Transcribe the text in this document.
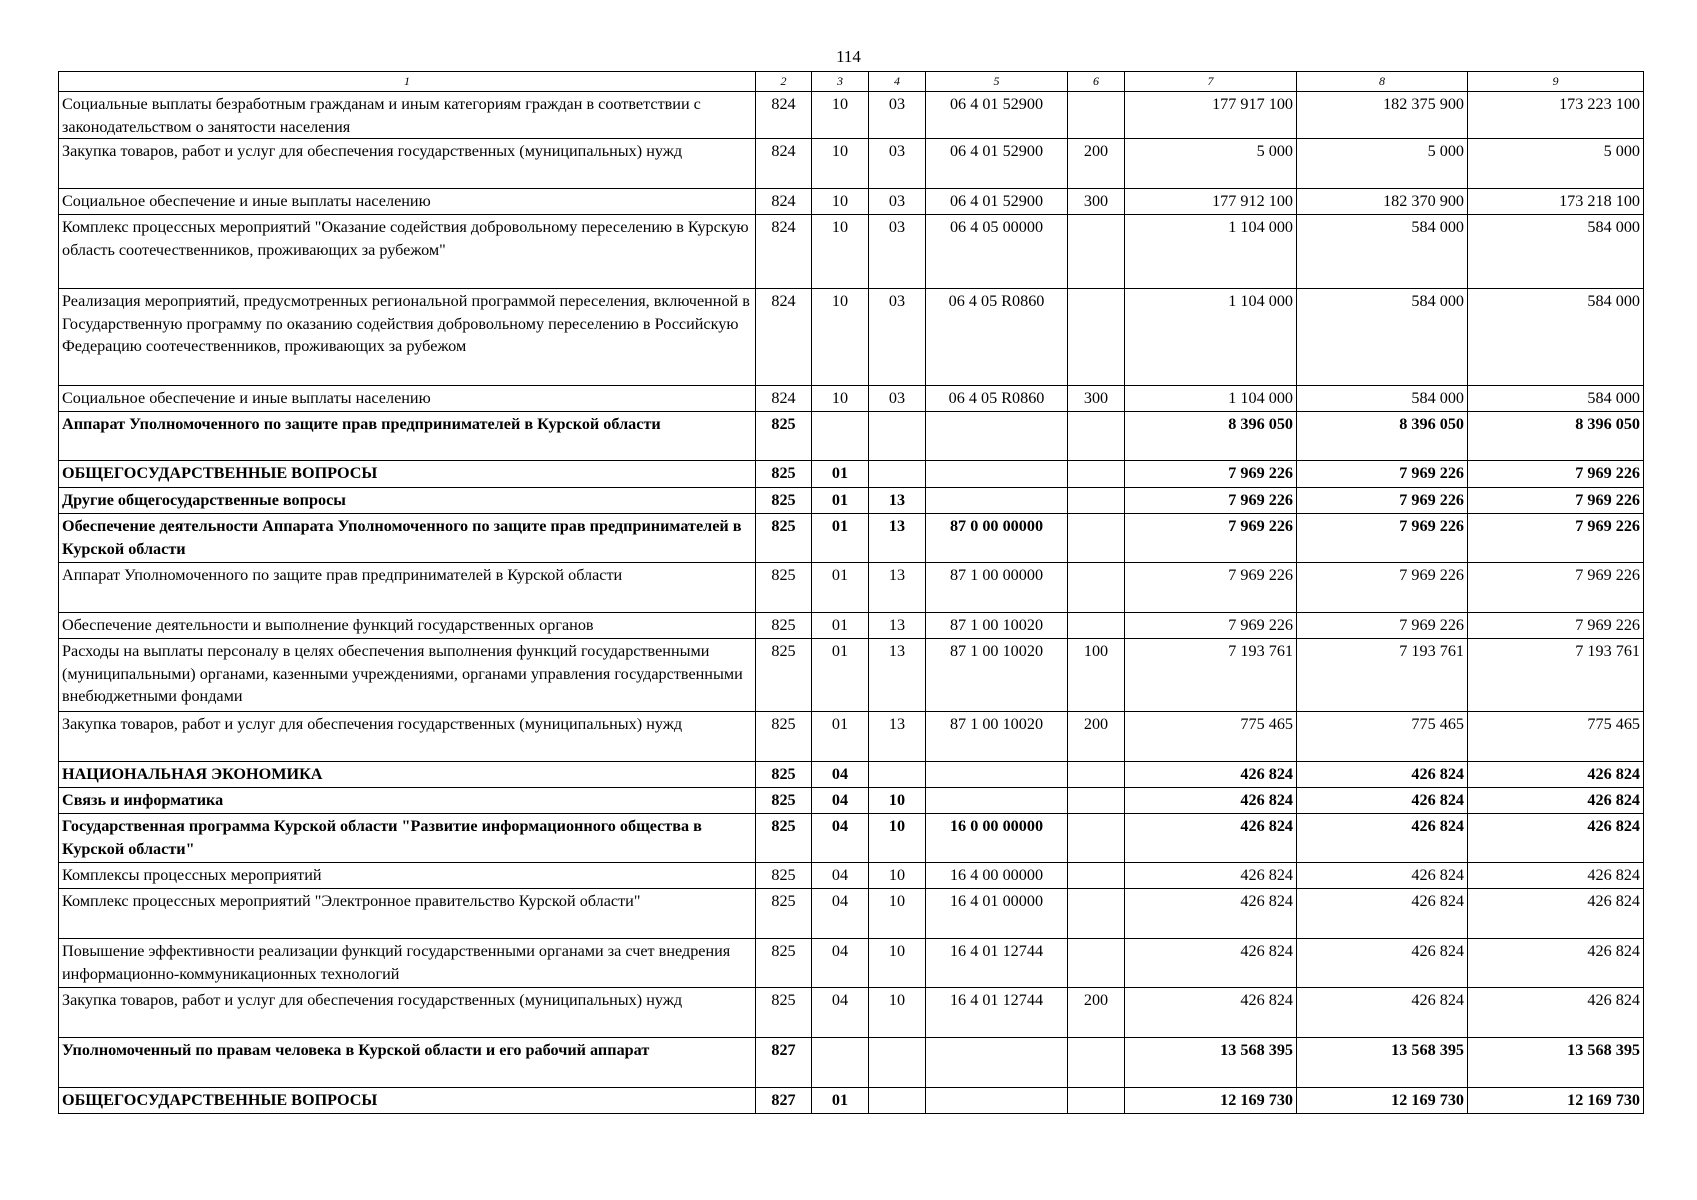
114
1	2	3	4	5	6	7	8	9
Социальные выплаты безработным гражданам и иным категориям граждан в соответствии с законодательством о занятости населения	824	10	03	06 4 01 52900		177 917 100	182 375 900	173 223 100
Закупка товаров, работ и услуг для обеспечения государственных (муниципальных) нужд	824	10	03	06 4 01 52900	200	5 000	5 000	5 000
Социальное обеспечение и иные выплаты населению	824	10	03	06 4 01 52900	300	177 912 100	182 370 900	173 218 100
Комплекс процессных мероприятий "Оказание содействия добровольному переселению в Курскую область соотечественников, проживающих за рубежом"	824	10	03	06 4 05 00000		1 104 000	584 000	584 000
Реализация мероприятий, предусмотренных региональной программой переселения, включенной в Государственную программу по оказанию содействия добровольному переселению в Российскую Федерацию соотечественников, проживающих за рубежом	824	10	03	06 4 05 R0860		1 104 000	584 000	584 000
Социальное обеспечение и иные выплаты населению	824	10	03	06 4 05 R0860	300	1 104 000	584 000	584 000
Аппарат Уполномоченного по защите прав предпринимателей в Курской области	825					8 396 050	8 396 050	8 396 050
ОБЩЕГОСУДАРСТВЕННЫЕ ВОПРОСЫ	825	01				7 969 226	7 969 226	7 969 226
Другие общегосударственные вопросы	825	01	13			7 969 226	7 969 226	7 969 226
Обеспечение деятельности Аппарата Уполномоченного по защите прав предпринимателей в Курской области	825	01	13	87 0 00 00000		7 969 226	7 969 226	7 969 226
Аппарат Уполномоченного по защите прав предпринимателей в Курской области	825	01	13	87 1 00 00000		7 969 226	7 969 226	7 969 226
Обеспечение деятельности и выполнение функций государственных органов	825	01	13	87 1 00 10020		7 969 226	7 969 226	7 969 226
Расходы на выплаты персоналу в целях обеспечения выполнения функций государственными (муниципальными) органами, казенными учреждениями, органами управления государственными внебюджетными фондами	825	01	13	87 1 00 10020	100	7 193 761	7 193 761	7 193 761
Закупка товаров, работ и услуг для обеспечения государственных (муниципальных) нужд	825	01	13	87 1 00 10020	200	775 465	775 465	775 465
НАЦИОНАЛЬНАЯ ЭКОНОМИКА	825	04				426 824	426 824	426 824
Связь и информатика	825	04	10			426 824	426 824	426 824
Государственная программа Курской области "Развитие информационного общества в Курской области"	825	04	10	16 0 00 00000		426 824	426 824	426 824
Комплексы процессных мероприятий	825	04	10	16 4 00 00000		426 824	426 824	426 824
Комплекс процессных мероприятий "Электронное правительство Курской области"	825	04	10	16 4 01 00000		426 824	426 824	426 824
Повышение эффективности реализации функций государственными органами за счет внедрения информационно-коммуникационных технологий	825	04	10	16 4 01 12744		426 824	426 824	426 824
Закупка товаров, работ и услуг для обеспечения государственных (муниципальных) нужд	825	04	10	16 4 01 12744	200	426 824	426 824	426 824
Уполномоченный по правам человека в Курской области и его рабочий аппарат	827					13 568 395	13 568 395	13 568 395
ОБЩЕГОСУДАРСТВЕННЫЕ ВОПРОСЫ	827	01				12 169 730	12 169 730	12 169 730
